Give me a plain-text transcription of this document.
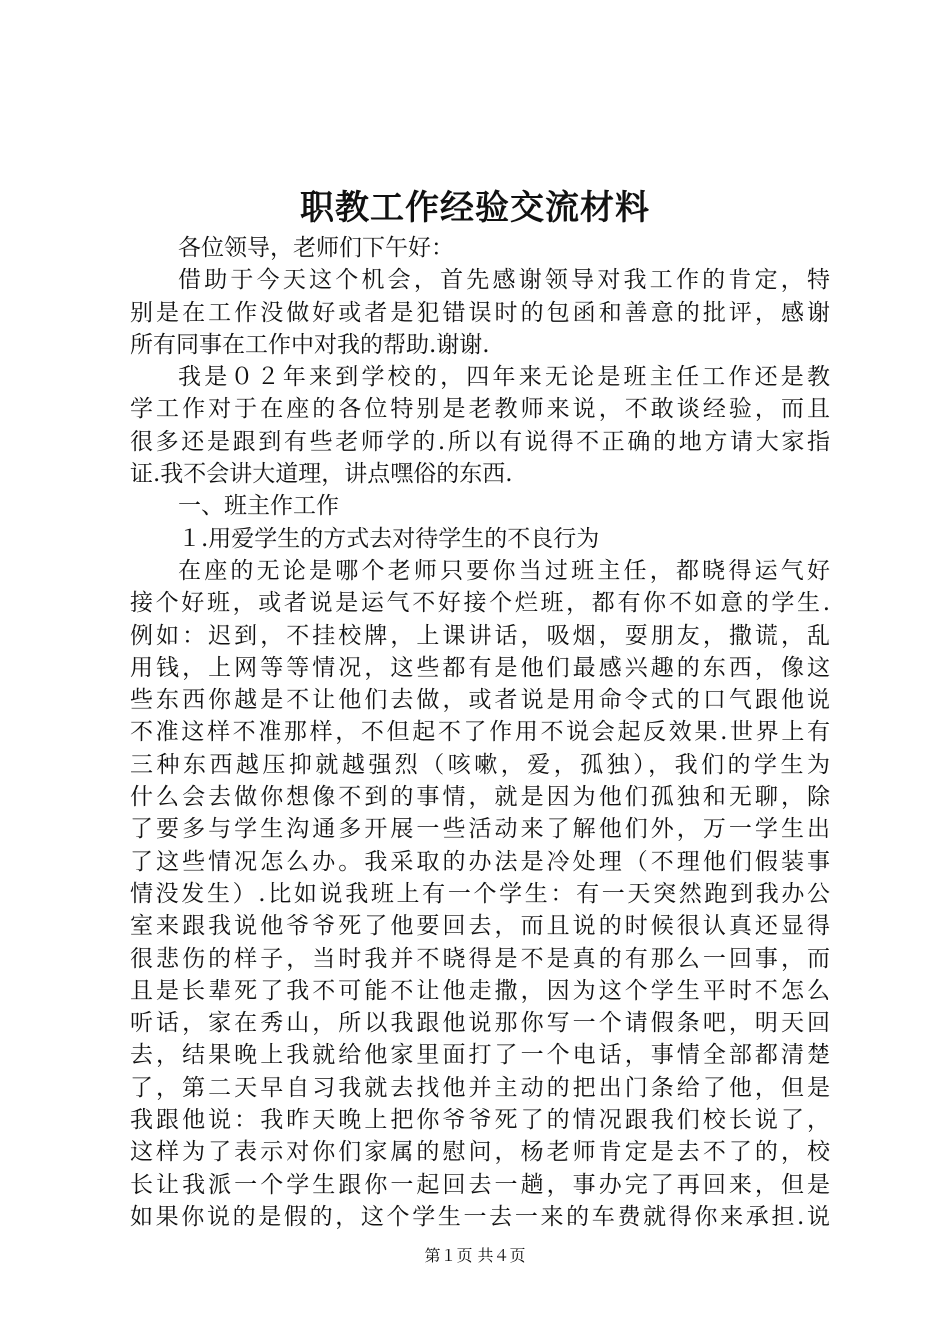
职教工作经验交流材料
各位领导，老师们下午好：
借助于今天这个机会，首先感谢领导对我工作的肯定，特
别是在工作没做好或者是犯错误时的包函和善意的批评，感谢
所有同事在工作中对我的帮助.谢谢.
我是０２年来到学校的，四年来无论是班主任工作还是教
学工作对于在座的各位特别是老教师来说，不敢谈经验，而且
很多还是跟到有些老师学的.所以有说得不正确的地方请大家指
证.我不会讲大道理，讲点嘿俗的东西.
一、班主作工作
１.用爱学生的方式去对待学生的不良行为
在座的无论是哪个老师只要你当过班主任，都晓得运气好
接个好班，或者说是运气不好接个烂班，都有你不如意的学生.
例如：迟到，不挂校牌，上课讲话，吸烟，耍朋友，撒谎，乱
用钱，上网等等情况，这些都有是他们最感兴趣的东西，像这
些东西你越是不让他们去做，或者说是用命令式的口气跟他说
不准这样不准那样，不但起不了作用不说会起反效果.世界上有
三种东西越压抑就越强烈（咳嗽，爱，孤独），我们的学生为
什么会去做你想像不到的事情，就是因为他们孤独和无聊，除
了要多与学生沟通多开展一些活动来了解他们外，万一学生出
了这些情况怎么办。我采取的办法是冷处理（不理他们假装事
情没发生）.比如说我班上有一个学生：有一天突然跑到我办公
室来跟我说他爷爷死了他要回去，而且说的时候很认真还显得
很悲伤的样子，当时我并不晓得是不是真的有那么一回事，而
且是长辈死了我不可能不让他走撒，因为这个学生平时不怎么
听话，家在秀山，所以我跟他说那你写一个请假条吧，明天回
去，结果晚上我就给他家里面打了一个电话，事情全部都清楚
了，第二天早自习我就去找他并主动的把出门条给了他，但是
我跟他说：我昨天晚上把你爷爷死了的情况跟我们校长说了，
这样为了表示对你们家属的慰问，杨老师肯定是去不了的，校
长让我派一个学生跟你一起回去一趟，事办完了再回来，但是
如果你说的是假的，这个学生一去一来的车费就得你来承担.说
第１页 共４页
